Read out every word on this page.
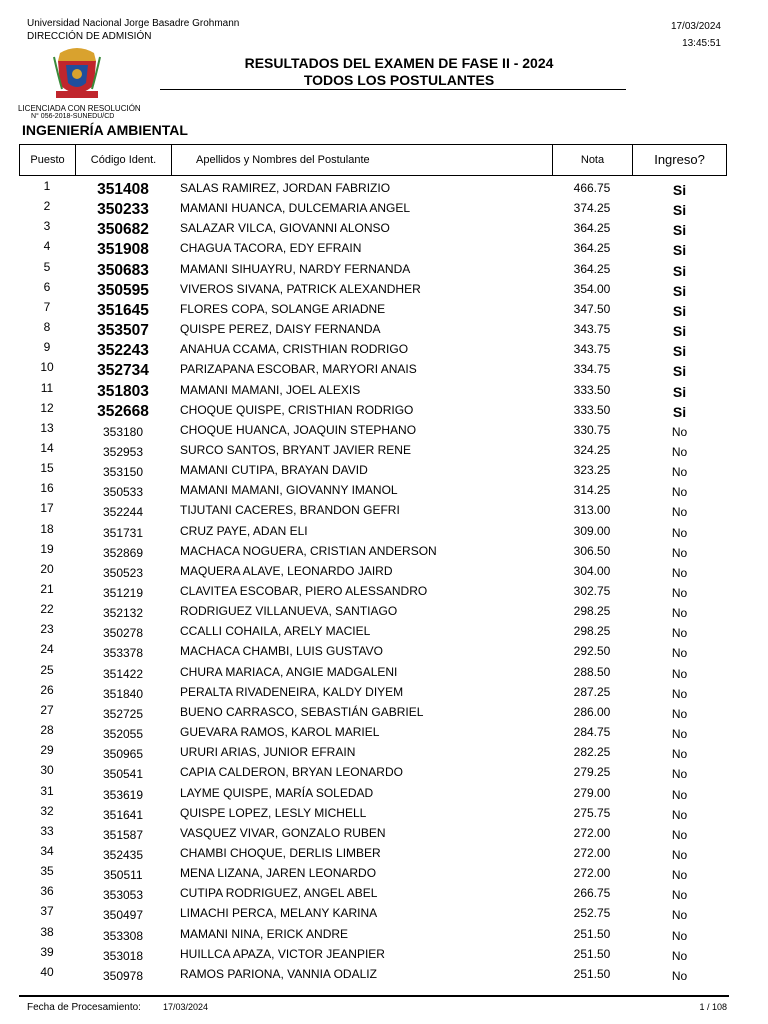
Universidad Nacional Jorge Basadre Grohmann
DIRECCIÓN DE ADMISIÓN
17/03/2024
13:45:51
RESULTADOS DEL EXAMEN DE FASE II - 2024
TODOS LOS POSTULANTES
LICENCIADA CON RESOLUCIÓN
N° 056-2018-SUNEDU/CD
INGENIERÍA AMBIENTAL
Puesto	Código Ident.	Apellidos y Nombres del Postulante	Nota	Ingreso?
1	351408	SALAS RAMIREZ, JORDAN FABRIZIO	466.75	Si
2	350233	MAMANI HUANCA, DULCEMARIA ANGEL	374.25	Si
3	350682	SALAZAR VILCA, GIOVANNI ALONSO	364.25	Si
4	351908	CHAGUA TACORA, EDY EFRAIN	364.25	Si
5	350683	MAMANI SIHUAYRU, NARDY FERNANDA	364.25	Si
6	350595	VIVEROS SIVANA, PATRICK ALEXANDHER	354.00	Si
7	351645	FLORES COPA, SOLANGE ARIADNE	347.50	Si
8	353507	QUISPE PEREZ, DAISY FERNANDA	343.75	Si
9	352243	ANAHUA CCAMA, CRISTHIAN RODRIGO	343.75	Si
10	352734	PARIZAPANA ESCOBAR, MARYORI ANAIS	334.75	Si
11	351803	MAMANI MAMANI, JOEL ALEXIS	333.50	Si
12	352668	CHOQUE QUISPE, CRISTHIAN RODRIGO	333.50	Si
13	353180	CHOQUE HUANCA, JOAQUIN STEPHANO	330.75	No
14	352953	SURCO SANTOS, BRYANT JAVIER RENE	324.25	No
15	353150	MAMANI CUTIPA, BRAYAN DAVID	323.25	No
16	350533	MAMANI MAMANI, GIOVANNY IMANOL	314.25	No
17	352244	TIJUTANI CACERES, BRANDON GEFRI	313.00	No
18	351731	CRUZ PAYE, ADAN ELI	309.00	No
19	352869	MACHACA NOGUERA, CRISTIAN ANDERSON	306.50	No
20	350523	MAQUERA ALAVE, LEONARDO JAIRD	304.00	No
21	351219	CLAVITEA ESCOBAR, PIERO ALESSANDRO	302.75	No
22	352132	RODRIGUEZ VILLANUEVA, SANTIAGO	298.25	No
23	350278	CCALLI COHAILA, ARELY MACIEL	298.25	No
24	353378	MACHACA CHAMBI, LUIS GUSTAVO	292.50	No
25	351422	CHURA MARIACA, ANGIE MADGALENI	288.50	No
26	351840	PERALTA RIVADENEIRA, KALDY DIYEM	287.25	No
27	352725	BUENO CARRASCO, SEBASTIÁN GABRIEL	286.00	No
28	352055	GUEVARA RAMOS, KAROL MARIEL	284.75	No
29	350965	URURI ARIAS, JUNIOR EFRAIN	282.25	No
30	350541	CAPIA CALDERON, BRYAN LEONARDO	279.25	No
31	353619	LAYME QUISPE, MARÍA SOLEDAD	279.00	No
32	351641	QUISPE LOPEZ, LESLY MICHELL	275.75	No
33	351587	VASQUEZ VIVAR, GONZALO RUBEN	272.00	No
34	352435	CHAMBI CHOQUE, DERLIS LIMBER	272.00	No
35	350511	MENA LIZANA, JAREN LEONARDO	272.00	No
36	353053	CUTIPA RODRIGUEZ, ANGEL ABEL	266.75	No
37	350497	LIMACHI PERCA, MELANY KARINA	252.75	No
38	353308	MAMANI NINA, ERICK ANDRE	251.50	No
39	353018	HUILLCA APAZA, VICTOR JEANPIER	251.50	No
40	350978	RAMOS PARIONA, VANNIA ODALIZ	251.50	No
Fecha de Procesamiento: 17/03/2024	1 / 108
